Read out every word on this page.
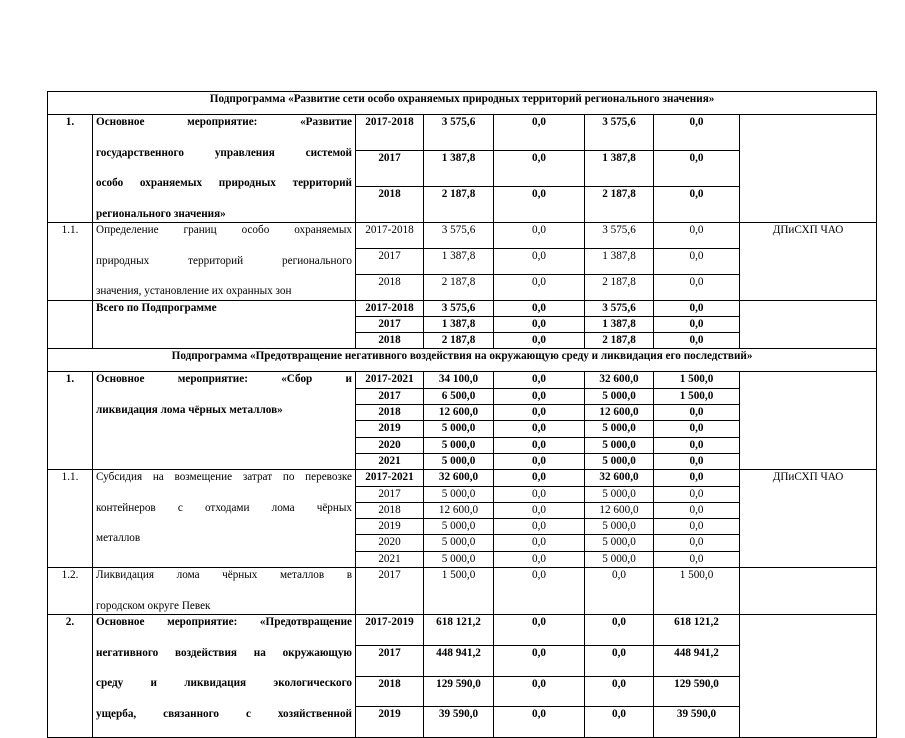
Подпрограмма «Развитие сети особо охраняемых природных территорий регионального значения»							
1.	Основное мероприятие: «Развитие
государственного управления системой
особо охраняемых природных территорий
регионального значения»	2017-2018	3 575,6	0,0	3 575,6	0,0	
		2017	1 387,8	0,0	1 387,8	0,0	
		2018	2 187,8	0,0	2 187,8	0,0	
1.1.	Определение границ особо охраняемых
природных территорий регионального
значения, установление их охранных зон	2017-2018	3 575,6	0,0	3 575,6	0,0	ДПиСХП ЧАО
		2017	1 387,8	0,0	1 387,8	0,0	
		2018	2 187,8	0,0	2 187,8	0,0	

	Всего по Подпрограмме	2017-2018	3 575,6	0,0	3 575,6	0,0	
		2017	1 387,8	0,0	1 387,8	0,0	
		2018	2 187,8	0,0	2 187,8	0,0	
Подпрограмма «Предотвращение негативного воздействия на окружающую среду и ликвидация его последствий»							
1.	Основное мероприятие: «Сбор и
ликвидация лома чёрных металлов»	2017-2021	34 100,0	0,0	32 600,0	1 500,0	
		2017	6 500,0	0,0	5 000,0	1 500,0	
		2018	12 600,0	0,0	12 600,0	0,0	
		2019	5 000,0	0,0	5 000,0	0,0	
		2020	5 000,0	0,0	5 000,0	0,0	
		2021	5 000,0	0,0	5 000,0	0,0	
1.1.	Субсидия на возмещение затрат по перевозке
контейнеров с отходами лома чёрных
металлов	2017-2021	32 600,0	0,0	32 600,0	0,0	ДПиСХП ЧАО
		2017	5 000,0	0,0	5 000,0	0,0	
		2018	12 600,0	0,0	12 600,0	0,0	
		2019	5 000,0	0,0	5 000,0	0,0	
		2020	5 000,0	0,0	5 000,0	0,0	
		2021	5 000,0	0,0	5 000,0	0,0	
1.2.	Ликвидация лома чёрных металлов в
городском округе Певек	2017	1 500,0	0,0	0,0	1 500,0	
2.	Основное мероприятие: «Предотвращение
негативного воздействия на окружающую
среду и ликвидация экологического
ущерба, связанного с хозяйственной	2017-2019	618 121,2	0,0	0,0	618 121,2	
		2017	448 941,2	0,0	0,0	448 941,2	
		2018	129 590,0	0,0	0,0	129 590,0	
		2019	39 590,0	0,0	0,0	39 590,0	
